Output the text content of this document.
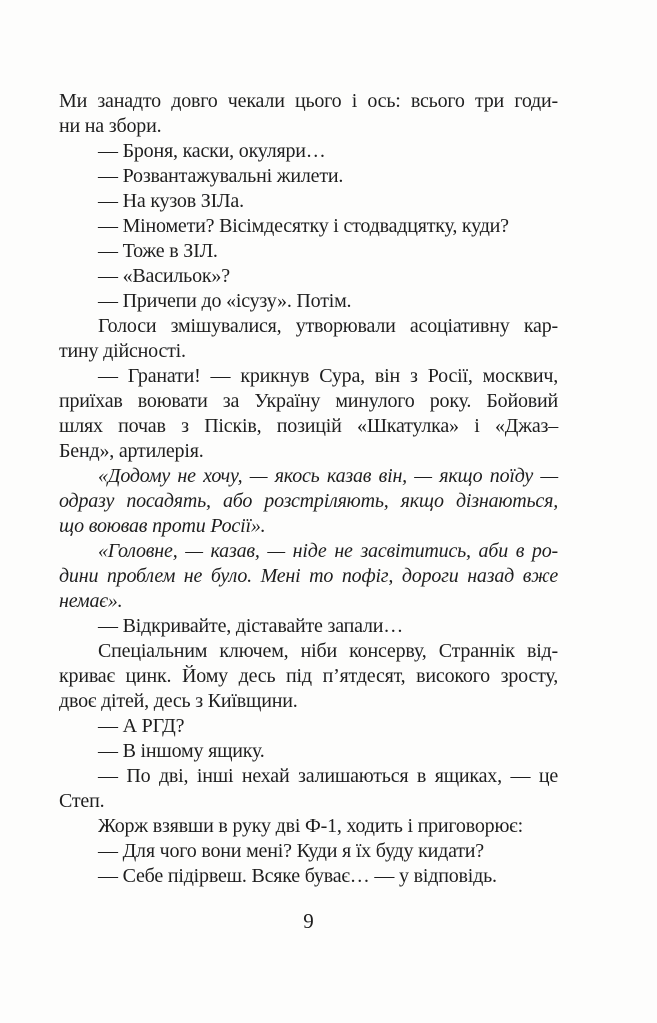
Ми занадто довго чекали цього і ось: всього три годи-
ни на збори.
— Броня, каски, окуляри…
— Розвантажувальні жилети.
— На кузов ЗІЛа.
— Міномети? Вісімдесятку і стодвадцятку, куди?
— Тоже в ЗІЛ.
— «Васильок»?
— Причепи до «ісузу». Потім.
Голоси змішувалися, утворювали асоціативну кар-
тину дійсності.
— Гранати! — крикнув Сура, він з Росії, москвич,
приїхав воювати за Україну минулого року. Бойовий
шлях почав з Пісків, позицій «Шкатулка» і «Джаз–
Бенд», артилерія.
«Додому не хочу, — якось казав він, — якщо поїду —
одразу посадять, або розстріляють, якщо дізнаються,
що воював проти Росії».
«Головне, — казав, — ніде не засвітитись, аби в ро-
дини проблем не було. Мені то пофіг, дороги назад вже
немає».
— Відкривайте, діставайте запали…
Спеціальним ключем, ніби консерву, Страннік від-
криває цинк. Йому десь під п’ятдесят, високого зросту,
двоє дітей, десь з Київщини.
— А РГД?
— В іншому ящику.
— По дві, інші нехай залишаються в ящиках, — це
Степ.
Жорж взявши в руку дві Ф-1, ходить і приговорює:
— Для чого вони мені? Куди я їх буду кидати?
— Себе підірвеш. Всяке буває… — у відповідь.
9
